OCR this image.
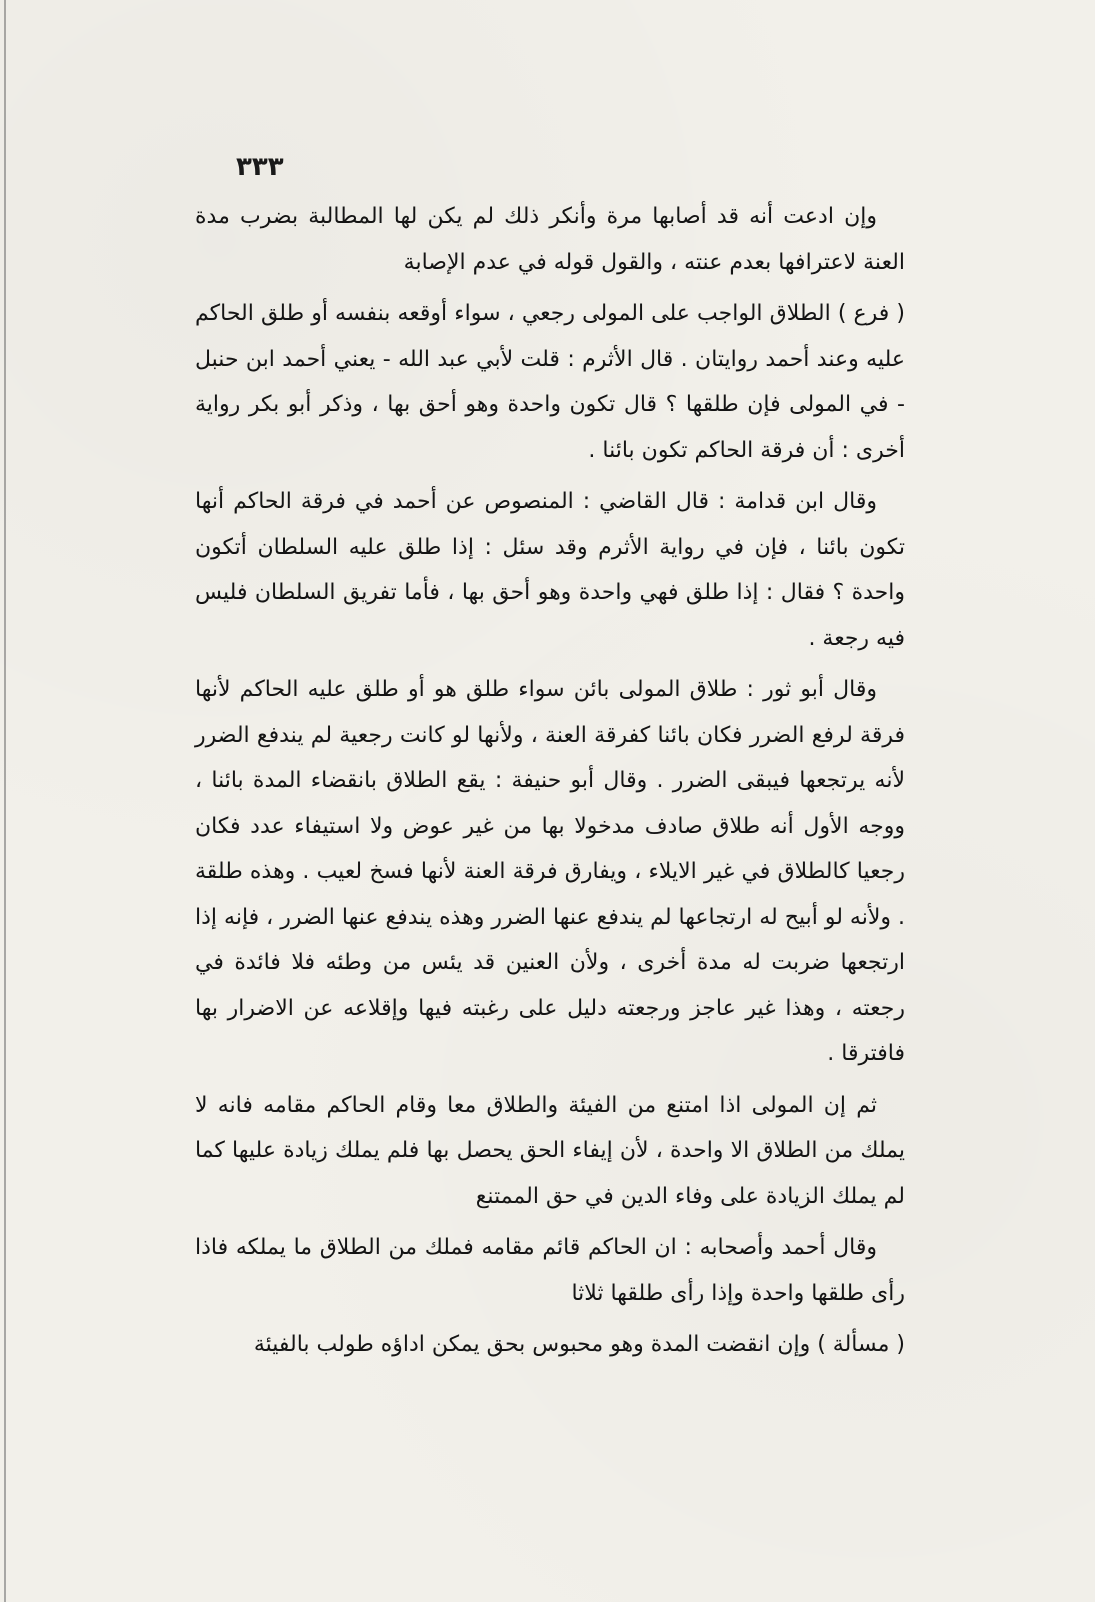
٣٣٣

وإن ادعت أنه قد أصابها مرة وأنكر ذلك لم يكن لها المطالبة بضرب مدة العنة لاعترافها بعدم عنته ، والقول قوله في عدم الإصابة

( فرع ) الطلاق الواجب على المولى رجعي ، سواء أوقعه بنفسه أو طلق الحاكم عليه وعند أحمد روايتان . قال الأثرم : قلت لأبي عبد الله - يعني أحمد ابن حنبل - في المولى فإن طلقها ؟ قال تكون واحدة وهو أحق بها ، وذكر أبو بكر رواية أخرى : أن فرقة الحاكم تكون بائنا .

وقال ابن قدامة : قال القاضي : المنصوص عن أحمد في فرقة الحاكم أنها تكون بائنا ، فإن في رواية الأثرم وقد سئل : إذا طلق عليه السلطان أتكون واحدة ؟ فقال : إذا طلق فهي واحدة وهو أحق بها ، فأما تفريق السلطان فليس فيه رجعة .

وقال أبو ثور : طلاق المولى بائن سواء طلق هو أو طلق عليه الحاكم لأنها فرقة لرفع الضرر فكان بائنا كفرقة العنة ، ولأنها لو كانت رجعية لم يندفع الضرر لأنه يرتجعها فيبقى الضرر . وقال أبو حنيفة : يقع الطلاق بانقضاء المدة بائنا ، ووجه الأول أنه طلاق صادف مدخولا بها من غير عوض ولا استيفاء عدد فكان رجعيا كالطلاق في غير الايلاء ، ويفارق فرقة العنة لأنها فسخ لعيب . وهذه طلقة . ولأنه لو أبيح له ارتجاعها لم يندفع عنها الضرر وهذه يندفع عنها الضرر ، فإنه إذا ارتجعها ضربت له مدة أخرى ، ولأن العنين قد يئس من وطئه فلا فائدة في رجعته ، وهذا غير عاجز ورجعته دليل على رغبته فيها وإقلاعه عن الاضرار بها فافترقا .

ثم إن المولى اذا امتنع من الفيئة والطلاق معا وقام الحاكم مقامه فانه لا يملك من الطلاق الا واحدة ، لأن إيفاء الحق يحصل بها فلم يملك زيادة عليها كما لم يملك الزيادة على وفاء الدين في حق الممتنع

وقال أحمد وأصحابه : ان الحاكم قائم مقامه فملك من الطلاق ما يملكه فاذا رأى طلقها واحدة وإذا رأى طلقها ثلاثا

( مسألة ) وإن انقضت المدة وهو محبوس بحق يمكن اداؤه طولب بالفيئة
